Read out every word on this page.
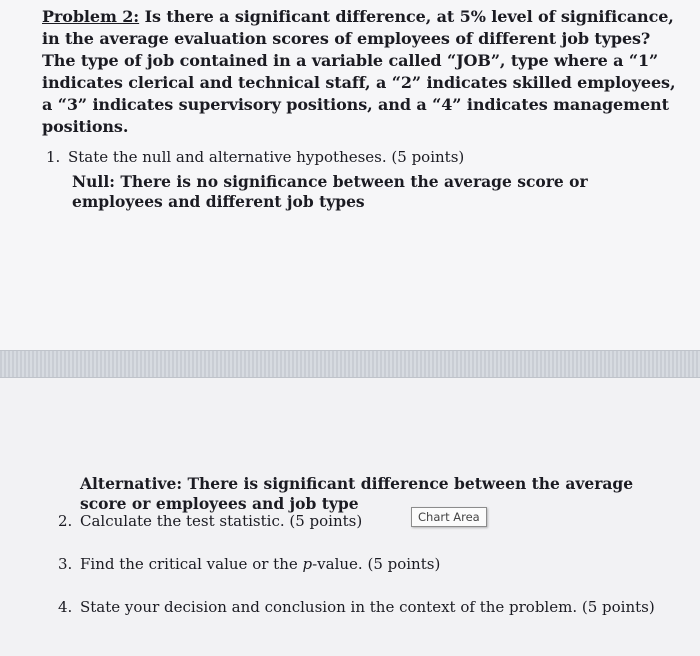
Problem 2: Is there a significant difference, at 5% level of significance, in the average evaluation scores of employees of different job types? The type of job contained in a variable called “JOB”, type where a “1” indicates clerical and technical staff, a “2” indicates skilled employees, a “3” indicates supervisory positions, and a “4” indicates management positions.

1. State the null and alternative hypotheses. (5 points)

Null: There is no significance between the average score or employees and different job types

Alternative: There is significant difference between the average score or employees and job type

2. Calculate the test statistic. (5 points)	Chart Area

3. Find the critical value or the p-value. (5 points)

4. State your decision and conclusion in the context of the problem. (5 points)
